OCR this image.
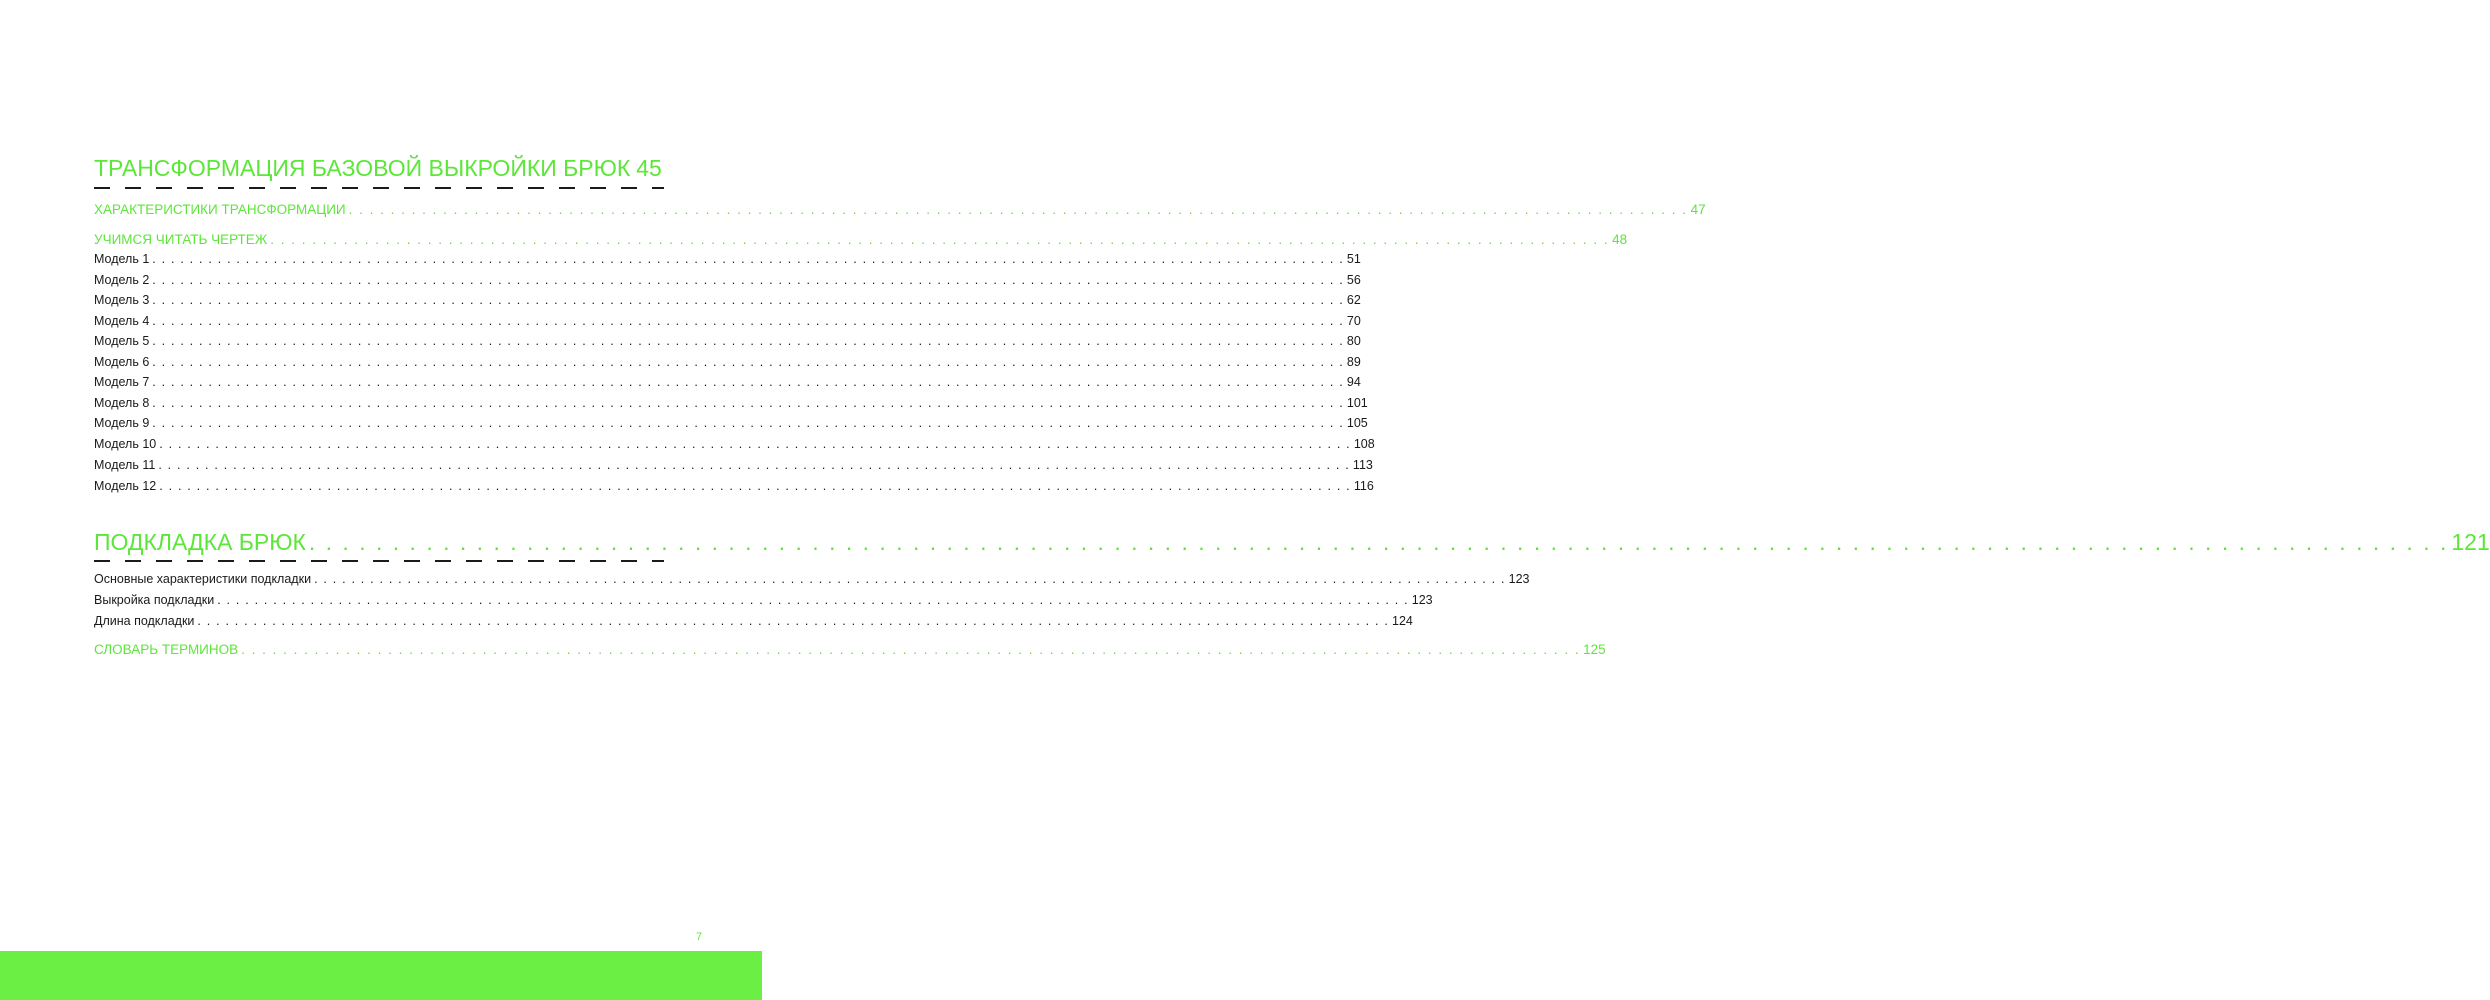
ТРАНСФОРМАЦИЯ БАЗОВОЙ ВЫКРОЙКИ БРЮК 45
ХАРАКТЕРИСТИКИ ТРАНСФОРМАЦИИ . . .	47
УЧИМСЯ ЧИТАТЬ ЧЕРТЕЖ . . .	48
Модель 1 . . .	51
Модель 2 . . .	56
Модель 3 . . .	62
Модель 4 . . .	70
Модель 5 . . .	80
Модель 6 . . .	89
Модель 7 . . .	94
Модель 8 . . .	101
Модель 9 . . .	105
Модель 10 . . .	108
Модель 11 . . .	113
Модель 12 . . .	116
ПОДКЛАДКА БРЮК . . .	121
Основные характеристики подкладки . . .	123
Выкройка подкладки . . .	123
Длина подкладки . . .	124
СЛОВАРЬ ТЕРМИНОВ . . .	125
7
